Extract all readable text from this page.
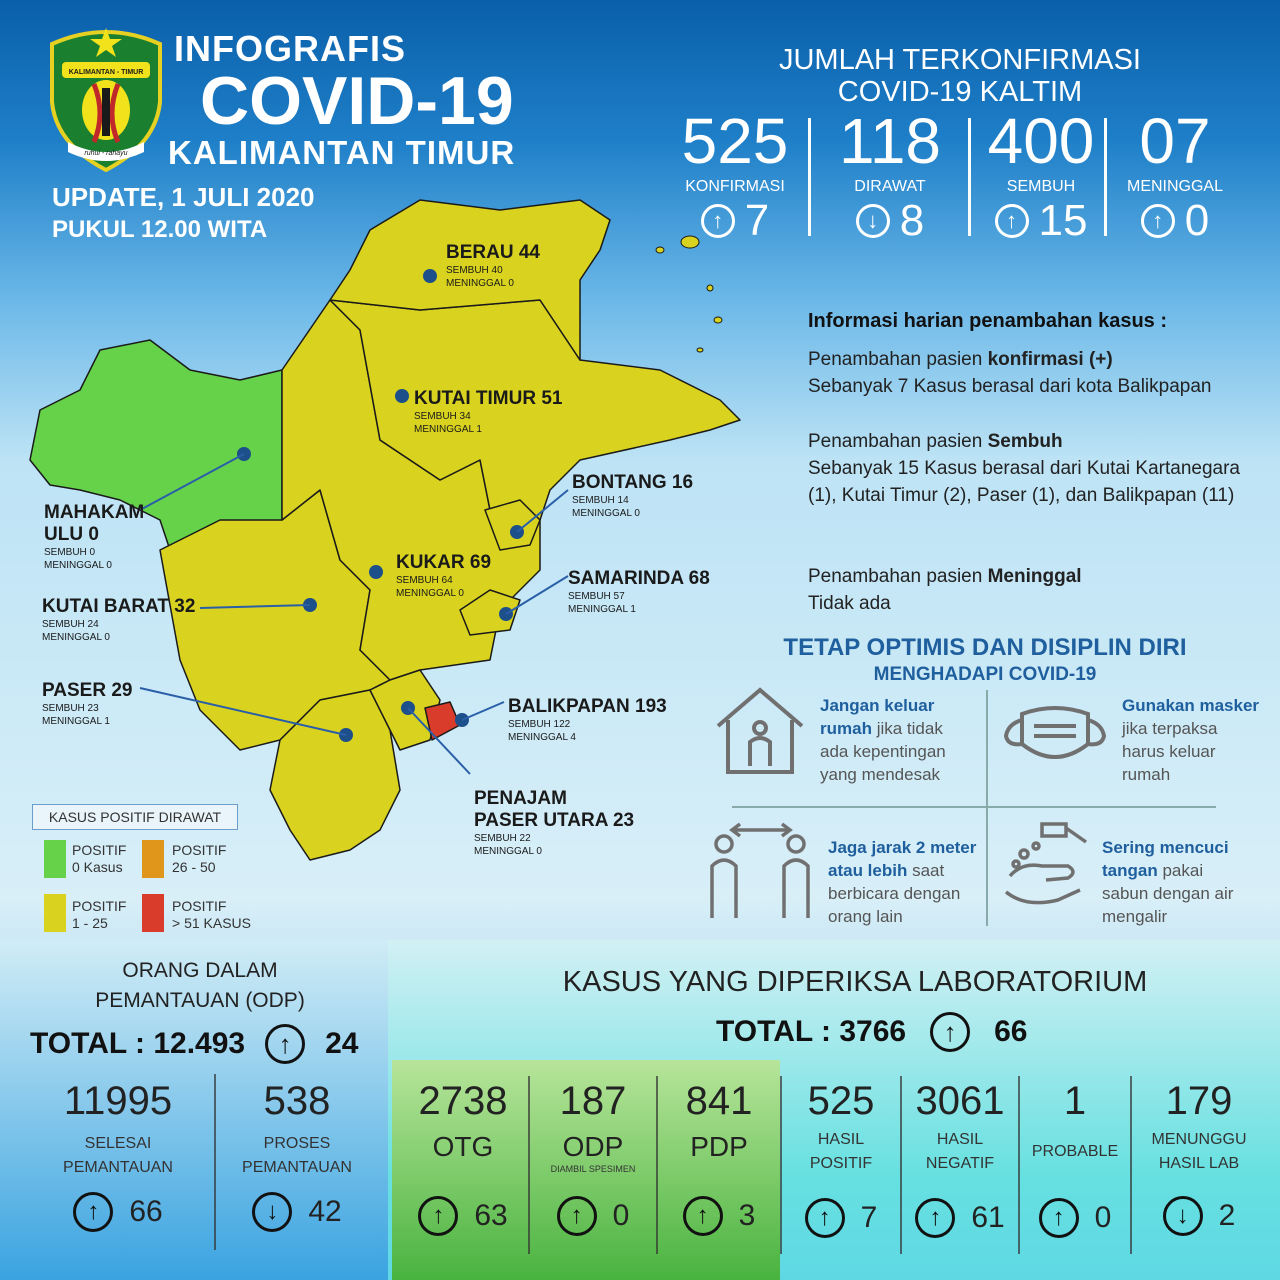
KALIMANTAN - TIMUR
ruhui - rahayu
INFOGRAFIS
COVID-19
KALIMANTAN TIMUR
UPDATE, 1 JULI 2020
PUKUL 12.00 WITA
JUMLAH TERKONFIRMASI
COVID-19 KALTIM
525
KONFIRMASI
↑ 7
118
DIRAWAT
↓ 8
400
SEMBUH
↑ 15
07
MENINGGAL
↑ 0
BERAU 44
SEMBUH 40
MENINGGAL 0
KUTAI TIMUR 51
SEMBUH 34
MENINGGAL 1
BONTANG 16
SEMBUH 14
MENINGGAL 0
MAHAKAM
ULU 0
SEMBUH 0
MENINGGAL 0	KUKAR 69
SEMBUH 64
MENINGGAL 0
SAMARINDA 68
SEMBUH 57
MENINGGAL 1
KUTAI BARAT 32
SEMBUH 24
MENINGGAL 0
PASER 29
SEMBUH 23
MENINGGAL 1
BALIKPAPAN 193
SEMBUH 122
MENINGGAL 4
PENAJAM
PASER UTARA 23
SEMBUH 22
MENINGGAL 0
KASUS POSITIF DIRAWAT
POSITIF
0 Kasus
POSITIF
26 - 50
POSITIF
1 - 25
POSITIF
> 51 KASUS
Informasi harian penambahan kasus :
Penambahan pasien konfirmasi (+)
Sebanyak 7 Kasus berasal dari kota Balikpapan
Penambahan pasien Sembuh
Sebanyak 15 Kasus berasal dari Kutai Kartanegara (1), Kutai Timur (2), Paser (1), dan Balikpapan (11)
Penambahan pasien Meninggal
Tidak ada
TETAP OPTIMIS DAN DISIPLIN DIRI
MENGHADAPI COVID-19
Jangan keluar rumah jika tidak ada kepentingan yang mendesak
Gunakan masker jika terpaksa harus keluar rumah
Jaga jarak 2 meter atau lebih saat berbicara dengan orang lain
Sering mencuci tangan pakai sabun dengan air mengalir
ORANG DALAM
PEMANTAUAN (ODP)
TOTAL : 12.493	↑	24
11995
SELESAI
PEMANTAUAN
↑	66
538
PROSES
PEMANTAUAN
↓	42
KASUS YANG DIPERIKSA LABORATORIUM
TOTAL : 3766	↑	66
2738
OTG
↑	63
187
ODP
DIAMBIL SPESIMEN
↑	0
841
PDP
↑	3
525
HASIL
POSITIF
↑	7
3061
HASIL
NEGATIF
↑	61
1
PROBABLE
↑	0
179
MENUNGGU
HASIL LAB
↓	2
